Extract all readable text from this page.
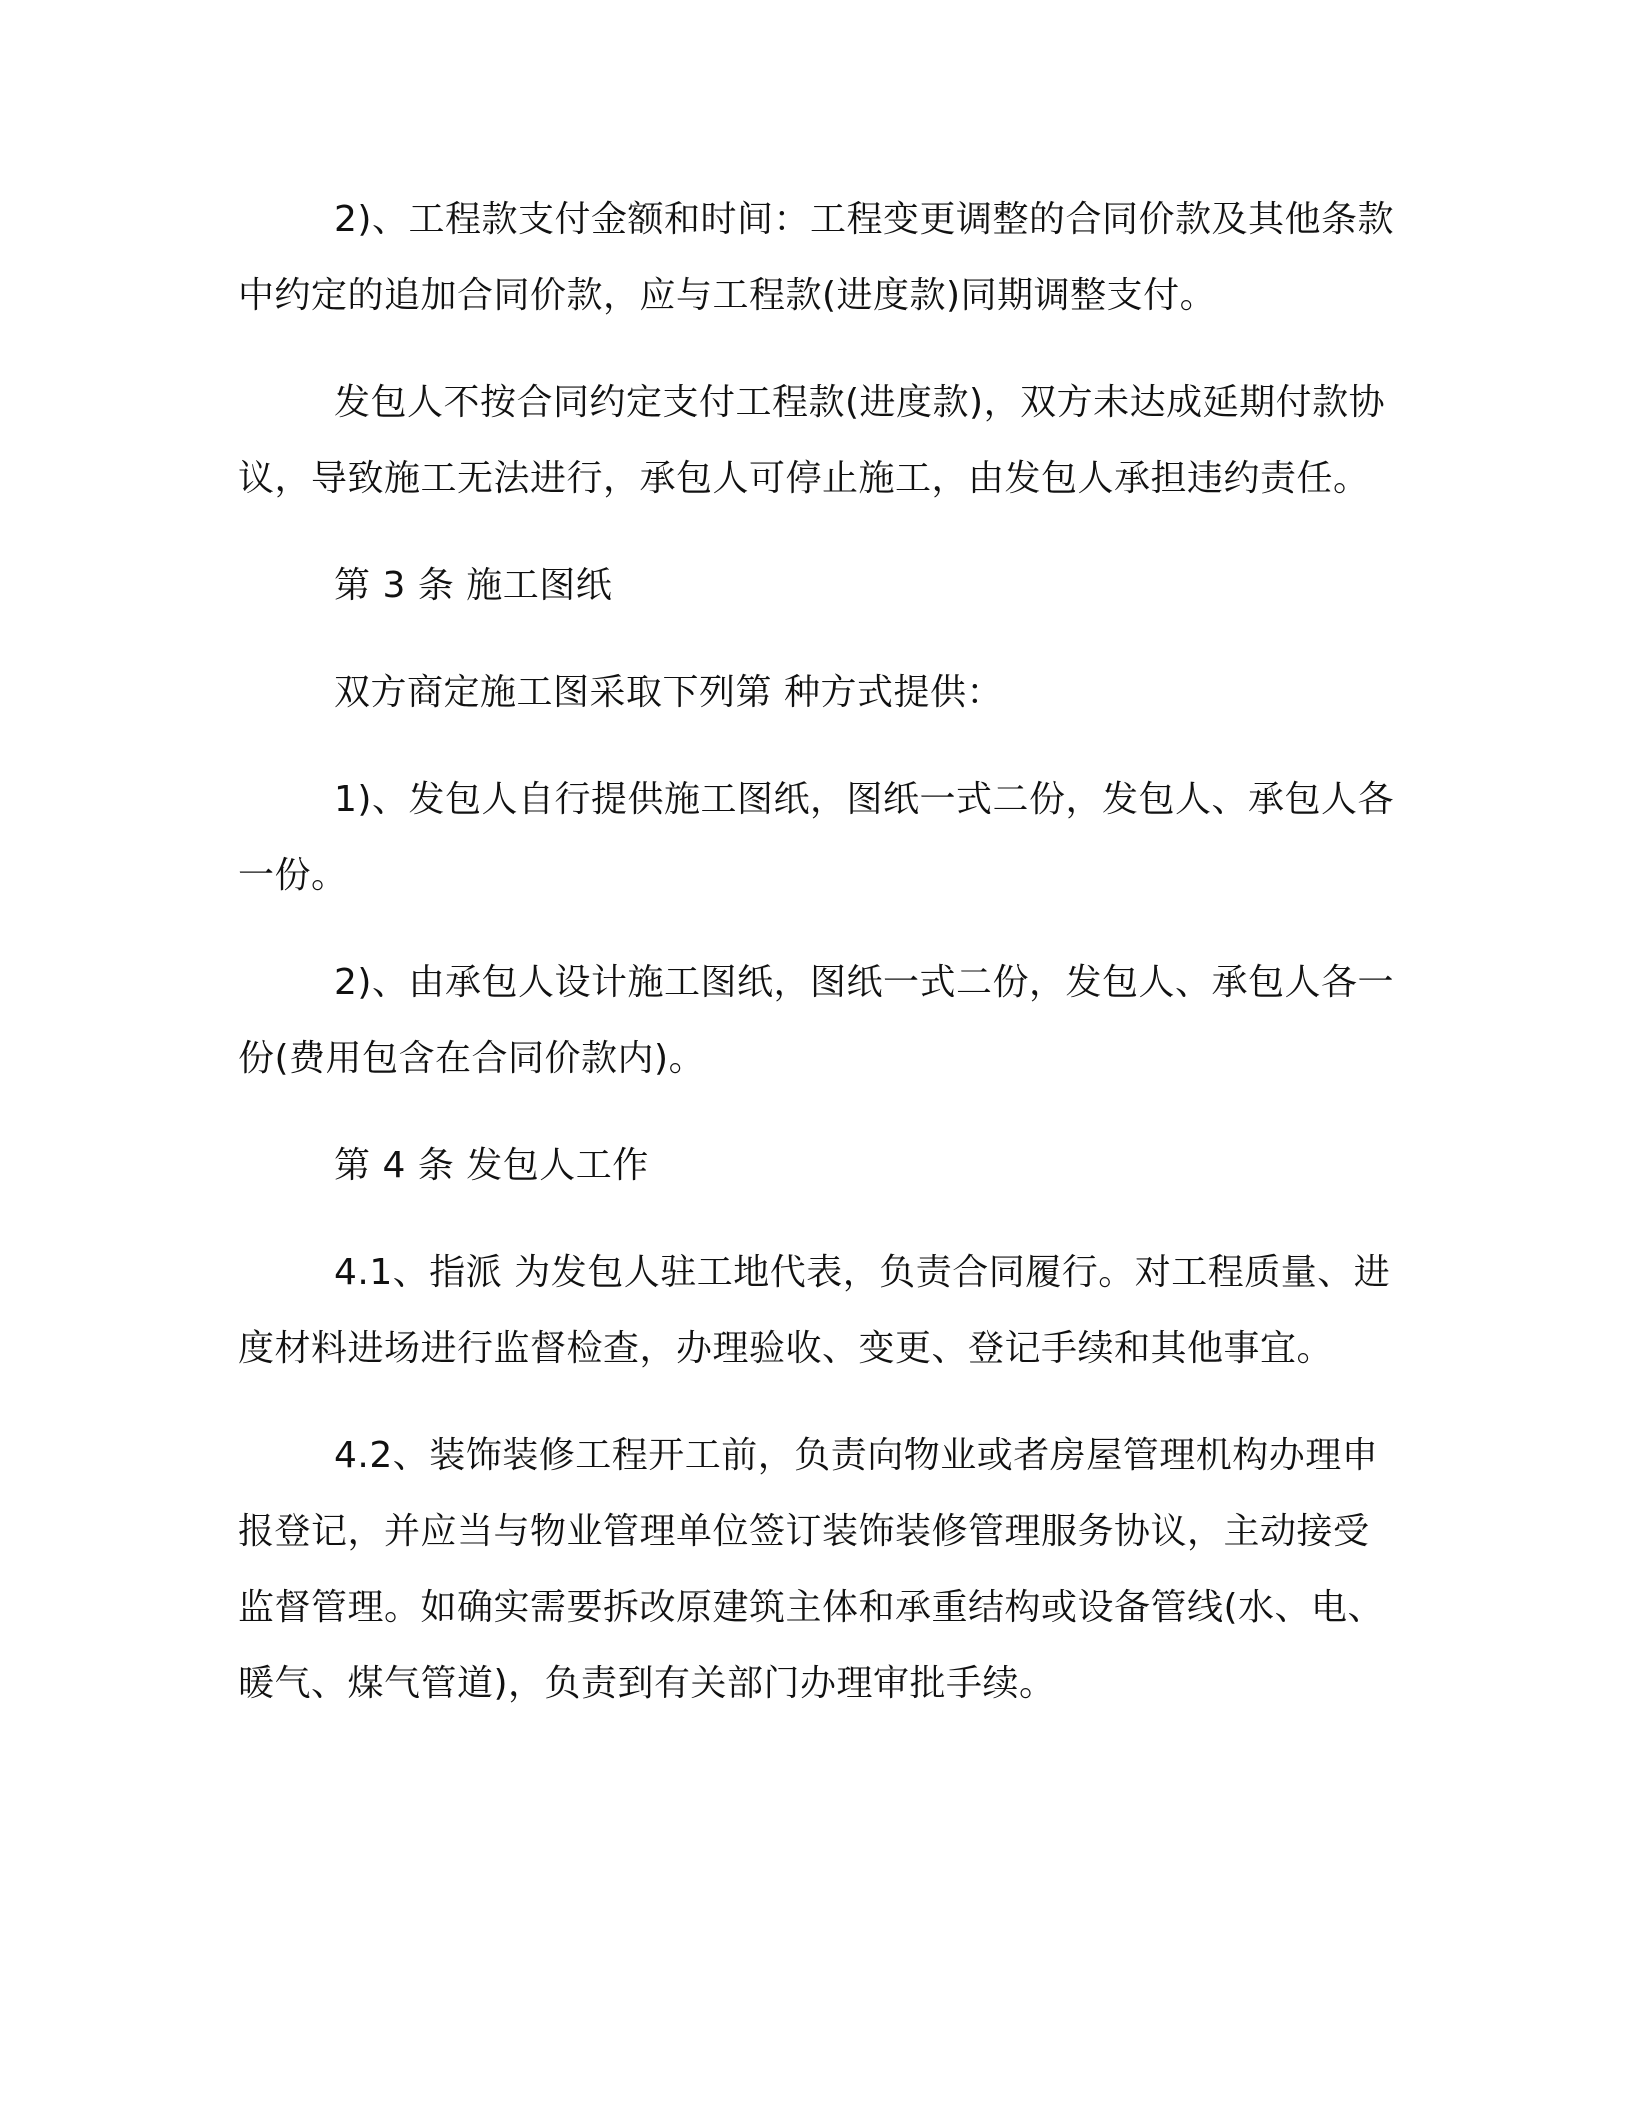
2)、工程款支付金额和时间：工程变更调整的合同价款及其他条款中约定的追加合同价款，应与工程款(进度款)同期调整支付。

发包人不按合同约定支付工程款(进度款)，双方未达成延期付款协议，导致施工无法进行，承包人可停止施工，由发包人承担违约责任。

第 3 条 施工图纸

双方商定施工图采取下列第 种方式提供：

1)、发包人自行提供施工图纸，图纸一式二份，发包人、承包人各一份。

2)、由承包人设计施工图纸，图纸一式二份，发包人、承包人各一份(费用包含在合同价款内)。

第 4 条 发包人工作

4.1、指派 为发包人驻工地代表，负责合同履行。对工程质量、进度材料进场进行监督检查，办理验收、变更、登记手续和其他事宜。

4.2、装饰装修工程开工前，负责向物业或者房屋管理机构办理申报登记，并应当与物业管理单位签订装饰装修管理服务协议，主动接受监督管理。如确实需要拆改原建筑主体和承重结构或设备管线(水、电、暖气、煤气管道)，负责到有关部门办理审批手续。
